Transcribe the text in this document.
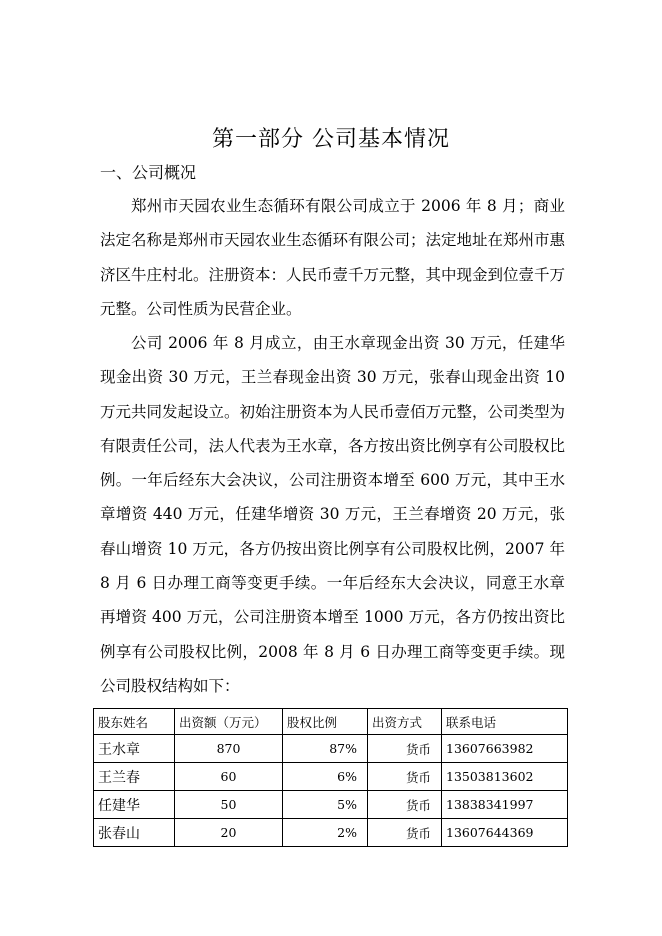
第一部分 公司基本情况
一、公司概况

郑州市天园农业生态循环有限公司成立于 2006 年 8 月；商业法定名称是郑州市天园农业生态循环有限公司；法定地址在郑州市惠济区牛庄村北。注册资本：人民币壹千万元整，其中现金到位壹千万元整。公司性质为民营企业。

公司 2006 年 8 月成立，由王水章现金出资 30 万元，任建华现金出资 30 万元，王兰春现金出资 30 万元，张春山现金出资 10 万元共同发起设立。初始注册资本为人民币壹佰万元整，公司类型为有限责任公司，法人代表为王水章，各方按出资比例享有公司股权比例。一年后经东大会决议，公司注册资本增至 600 万元，其中王水章增资 440 万元，任建华增资 30 万元，王兰春增资 20 万元，张春山增资 10 万元，各方仍按出资比例享有公司股权比例，2007 年 8 月 6 日办理工商等变更手续。一年后经东大会决议，同意王水章再增资 400 万元，公司注册资本增至 1000 万元，各方仍按出资比例享有公司股权比例，2008 年 8 月 6 日办理工商等变更手续。现公司股权结构如下：

股东姓名	出资额（万元）	股权比例	出资方式	联系电话
王水章	870	87%	货币	13607663982
王兰春	60	6%	货币	13503813602
任建华	50	5%	货币	13838341997
张春山	20	2%	货币	13607644369
